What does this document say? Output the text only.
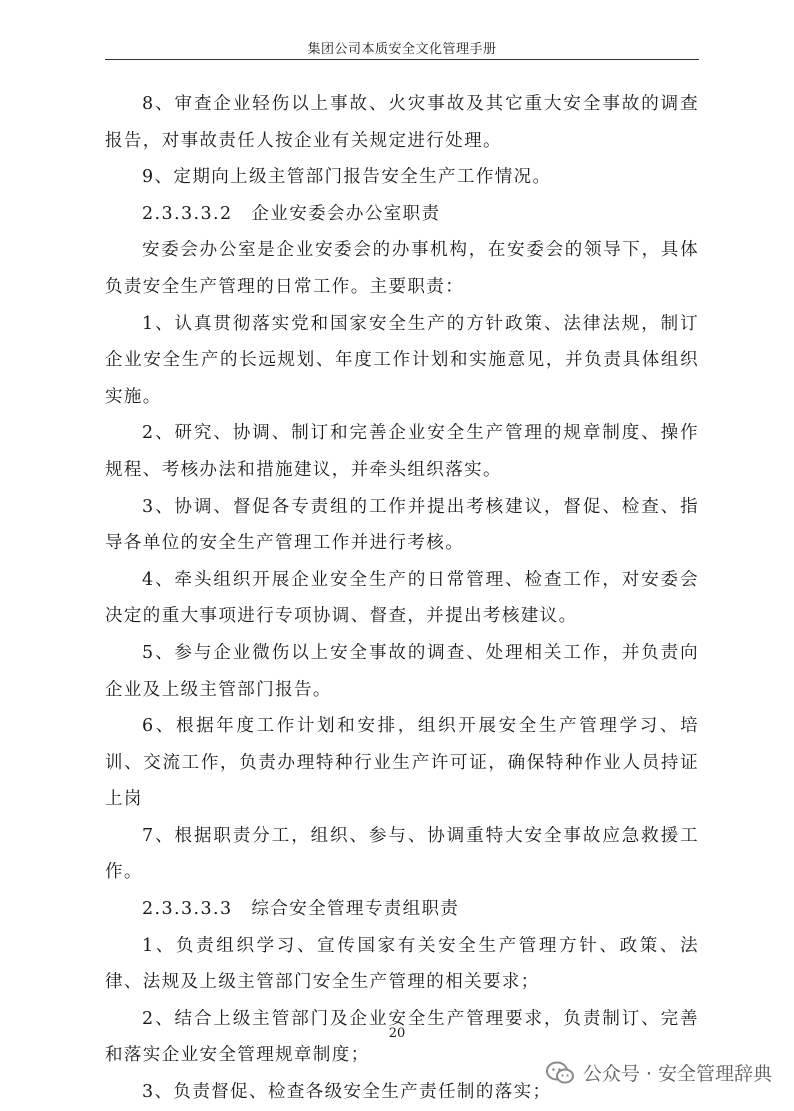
集团公司本质安全文化管理手册

8、审查企业轻伤以上事故、火灾事故及其它重大安全事故的调查报告，对事故责任人按企业有关规定进行处理。

9、定期向上级主管部门报告安全生产工作情况。

2.3.3.3.2　企业安委会办公室职责

安委会办公室是企业安委会的办事机构，在安委会的领导下，具体负责安全生产管理的日常工作。主要职责：

1、认真贯彻落实党和国家安全生产的方针政策、法律法规，制订企业安全生产的长远规划、年度工作计划和实施意见，并负责具体组织实施。

2、研究、协调、制订和完善企业安全生产管理的规章制度、操作规程、考核办法和措施建议，并牵头组织落实。

3、协调、督促各专责组的工作并提出考核建议，督促、检查、指导各单位的安全生产管理工作并进行考核。

4、牵头组织开展企业安全生产的日常管理、检查工作，对安委会决定的重大事项进行专项协调、督查，并提出考核建议。

5、参与企业微伤以上安全事故的调查、处理相关工作，并负责向企业及上级主管部门报告。

6、根据年度工作计划和安排，组织开展安全生产管理学习、培训、交流工作，负责办理特种行业生产许可证，确保特种作业人员持证上岗

7、根据职责分工，组织、参与、协调重特大安全事故应急救援工作。

2.3.3.3.3　综合安全管理专责组职责

1、负责组织学习、宣传国家有关安全生产管理方针、政策、法律、法规及上级主管部门安全生产管理的相关要求；

2、结合上级主管部门及企业安全生产管理要求，负责制订、完善和落实企业安全管理规章制度；

3、负责督促、检查各级安全生产责任制的落实；

20
公众号 · 安全管理辞典
